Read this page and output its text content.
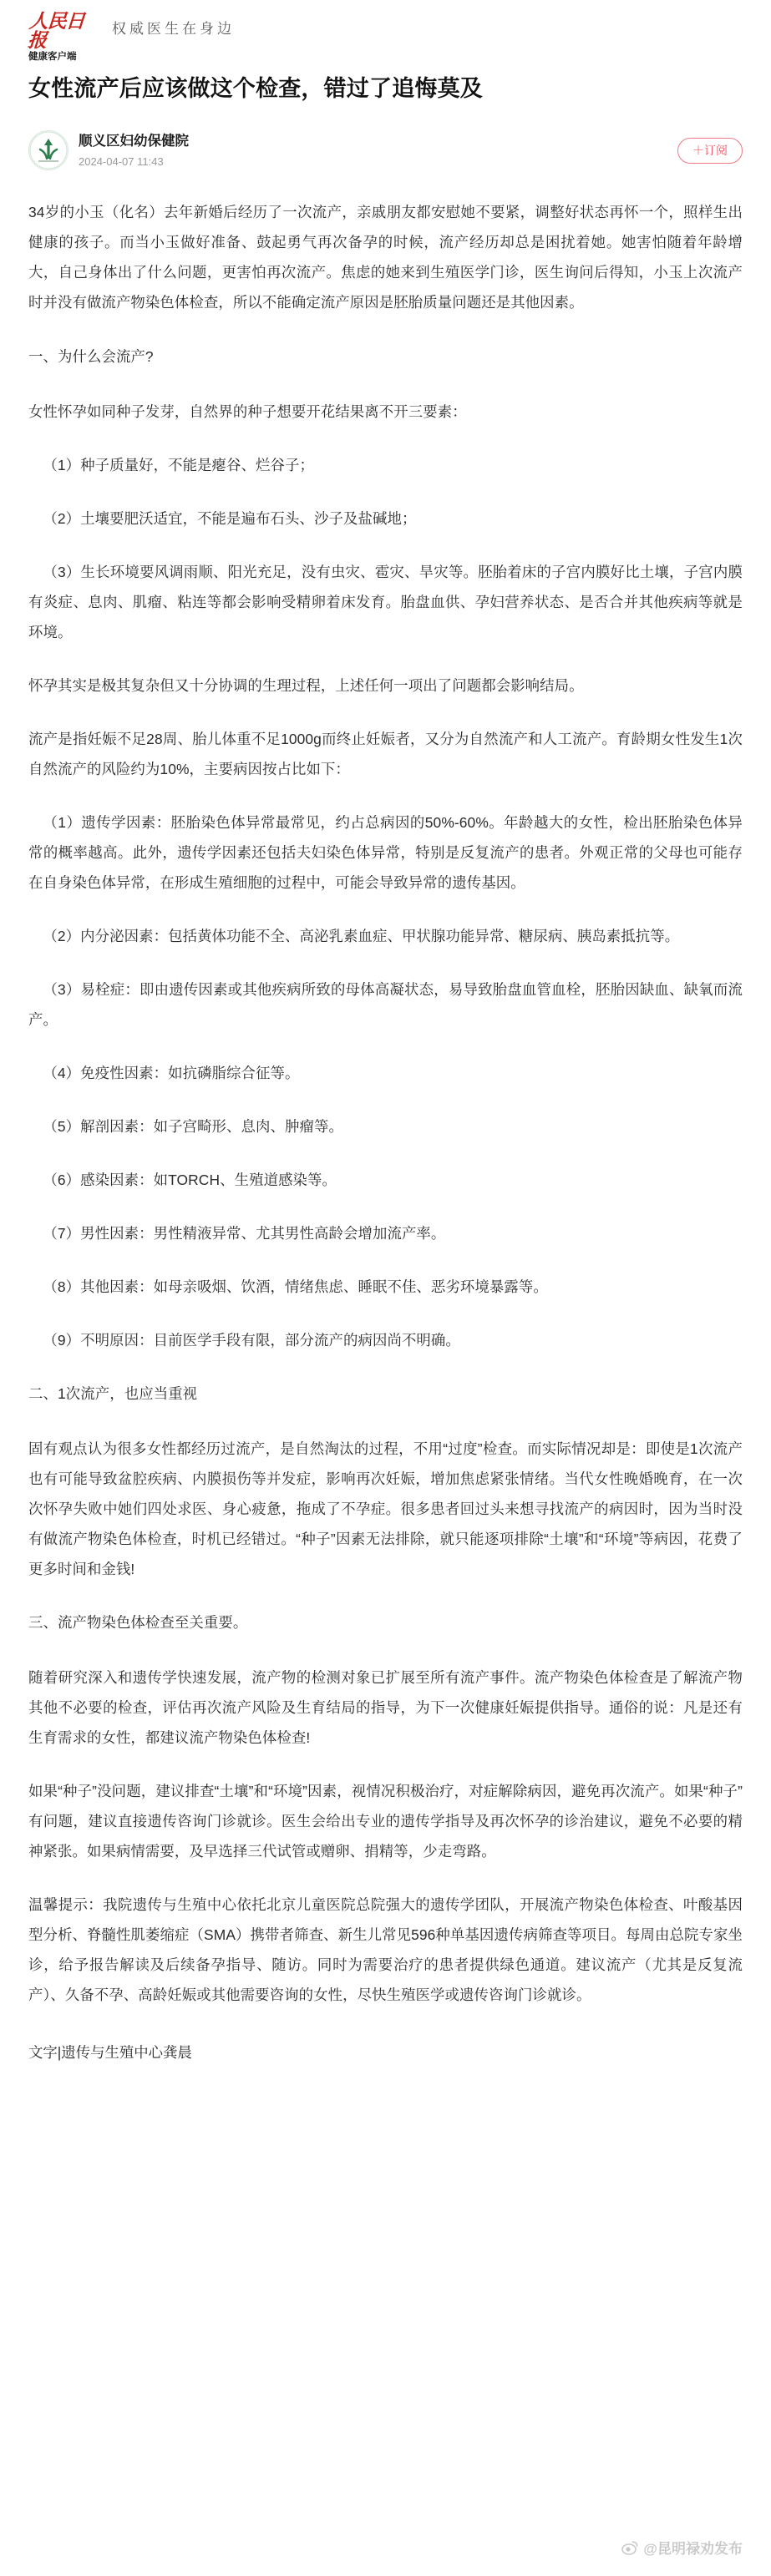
人民日报
健康客户端
权威医生在身边
女性流产后应该做这个检查，错过了追悔莫及
顺义区妇幼保健院
2024-04-07 11:43
＋订阅

34岁的小玉（化名）去年新婚后经历了一次流产，亲戚朋友都安慰她不要紧，调整好状态再怀一个，照样生出健康的孩子。而当小玉做好准备、鼓起勇气再次备孕的时候，流产经历却总是困扰着她。她害怕随着年龄增大，自己身体出了什么问题，更害怕再次流产。焦虑的她来到生殖医学门诊，医生询问后得知，小玉上次流产时并没有做流产物染色体检查，所以不能确定流产原因是胚胎质量问题还是其他因素。

一、为什么会流产?

女性怀孕如同种子发芽，自然界的种子想要开花结果离不开三要素：

（1）种子质量好，不能是瘪谷、烂谷子；

（2）土壤要肥沃适宜，不能是遍布石头、沙子及盐碱地；

（3）生长环境要风调雨顺、阳光充足，没有虫灾、雹灾、旱灾等。胚胎着床的子宫内膜好比土壤，子宫内膜有炎症、息肉、肌瘤、粘连等都会影响受精卵着床发育。胎盘血供、孕妇营养状态、是否合并其他疾病等就是环境。

怀孕其实是极其复杂但又十分协调的生理过程，上述任何一项出了问题都会影响结局。

流产是指妊娠不足28周、胎儿体重不足1000g而终止妊娠者，又分为自然流产和人工流产。育龄期女性发生1次自然流产的风险约为10%，主要病因按占比如下：

（1）遗传学因素：胚胎染色体异常最常见，约占总病因的50%-60%。年龄越大的女性，检出胚胎染色体异常的概率越高。此外，遗传学因素还包括夫妇染色体异常，特别是反复流产的患者。外观正常的父母也可能存在自身染色体异常，在形成生殖细胞的过程中，可能会导致异常的遗传基因。

（2）内分泌因素：包括黄体功能不全、高泌乳素血症、甲状腺功能异常、糖尿病、胰岛素抵抗等。

（3）易栓症：即由遗传因素或其他疾病所致的母体高凝状态，易导致胎盘血管血栓，胚胎因缺血、缺氧而流产。

（4）免疫性因素：如抗磷脂综合征等。

（5）解剖因素：如子宫畸形、息肉、肿瘤等。

（6）感染因素：如TORCH、生殖道感染等。

（7）男性因素：男性精液异常、尤其男性高龄会增加流产率。

（8）其他因素：如母亲吸烟、饮酒，情绪焦虑、睡眠不佳、恶劣环境暴露等。

（9）不明原因：目前医学手段有限，部分流产的病因尚不明确。

二、1次流产，也应当重视

固有观点认为很多女性都经历过流产，是自然淘汰的过程，不用“过度”检查。而实际情况却是：即使是1次流产也有可能导致盆腔疾病、内膜损伤等并发症，影响再次妊娠，增加焦虑紧张情绪。当代女性晚婚晚育，在一次次怀孕失败中她们四处求医、身心疲惫，拖成了不孕症。很多患者回过头来想寻找流产的病因时，因为当时没有做流产物染色体检查，时机已经错过。“种子”因素无法排除，就只能逐项排除“土壤”和“环境”等病因，花费了更多时间和金钱!

三、流产物染色体检查至关重要。

随着研究深入和遗传学快速发展，流产物的检测对象已扩展至所有流产事件。流产物染色体检查是了解流产物其他不必要的检查，评估再次流产风险及生育结局的指导，为下一次健康妊娠提供指导。通俗的说：凡是还有生育需求的女性，都建议流产物染色体检查!

如果“种子”没问题，建议排查“土壤”和“环境”因素，视情况积极治疗，对症解除病因，避免再次流产。如果“种子”有问题，建议直接遗传咨询门诊就诊。医生会给出专业的遗传学指导及再次怀孕的诊治建议，避免不必要的精神紧张。如果病情需要，及早选择三代试管或赠卵、捐精等，少走弯路。

温馨提示：我院遗传与生殖中心依托北京儿童医院总院强大的遗传学团队，开展流产物染色体检查、叶酸基因型分析、脊髓性肌萎缩症（SMA）携带者筛查、新生儿常见596种单基因遗传病筛查等项目。每周由总院专家坐诊，给予报告解读及后续备孕指导、随访。同时为需要治疗的患者提供绿色通道。建议流产（尤其是反复流产）、久备不孕、高龄妊娠或其他需要咨询的女性，尽快生殖医学或遗传咨询门诊就诊。

文字|遗传与生殖中心龚晨
@昆明禄劝发布
